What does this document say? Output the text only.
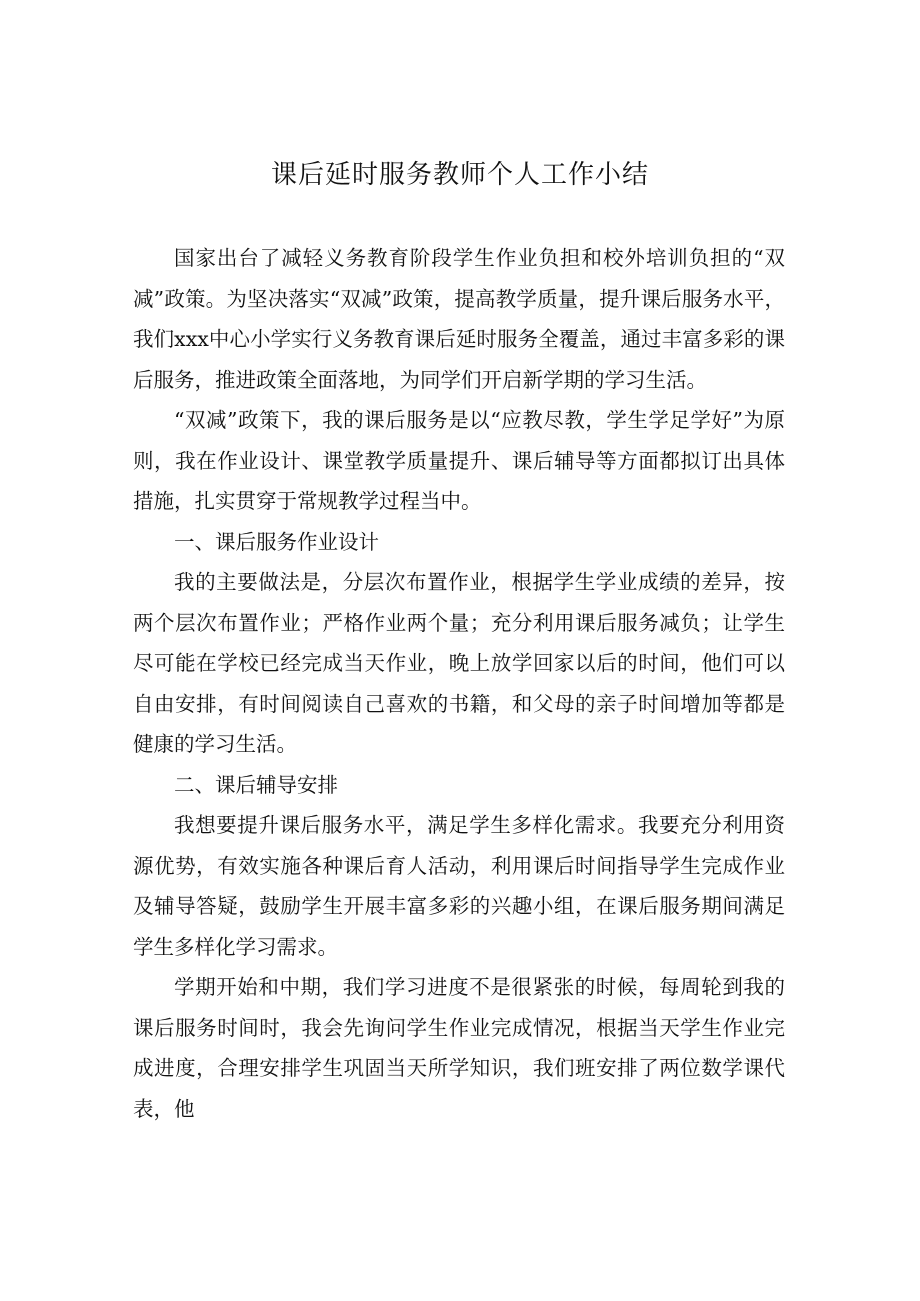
课后延时服务教师个人工作小结

国家出台了减轻义务教育阶段学生作业负担和校外培训负担的“双减”政策。为坚决落实“双减”政策，提高教学质量，提升课后服务水平，我们xxx中心小学实行义务教育课后延时服务全覆盖，通过丰富多彩的课后服务，推进政策全面落地，为同学们开启新学期的学习生活。

“双减”政策下，我的课后服务是以“应教尽教，学生学足学好”为原则，我在作业设计、课堂教学质量提升、课后辅导等方面都拟订出具体措施，扎实贯穿于常规教学过程当中。

一、课后服务作业设计

我的主要做法是，分层次布置作业，根据学生学业成绩的差异，按两个层次布置作业；严格作业两个量；充分利用课后服务减负；让学生尽可能在学校已经完成当天作业，晚上放学回家以后的时间，他们可以自由安排，有时间阅读自己喜欢的书籍，和父母的亲子时间增加等都是健康的学习生活。

二、课后辅导安排

我想要提升课后服务水平，满足学生多样化需求。我要充分利用资源优势，有效实施各种课后育人活动，利用课后时间指导学生完成作业及辅导答疑，鼓励学生开展丰富多彩的兴趣小组，在课后服务期间满足学生多样化学习需求。

学期开始和中期，我们学习进度不是很紧张的时候，每周轮到我的课后服务时间时，我会先询问学生作业完成情况，根据当天学生作业完成进度，合理安排学生巩固当天所学知识，我们班安排了两位数学课代表，他
